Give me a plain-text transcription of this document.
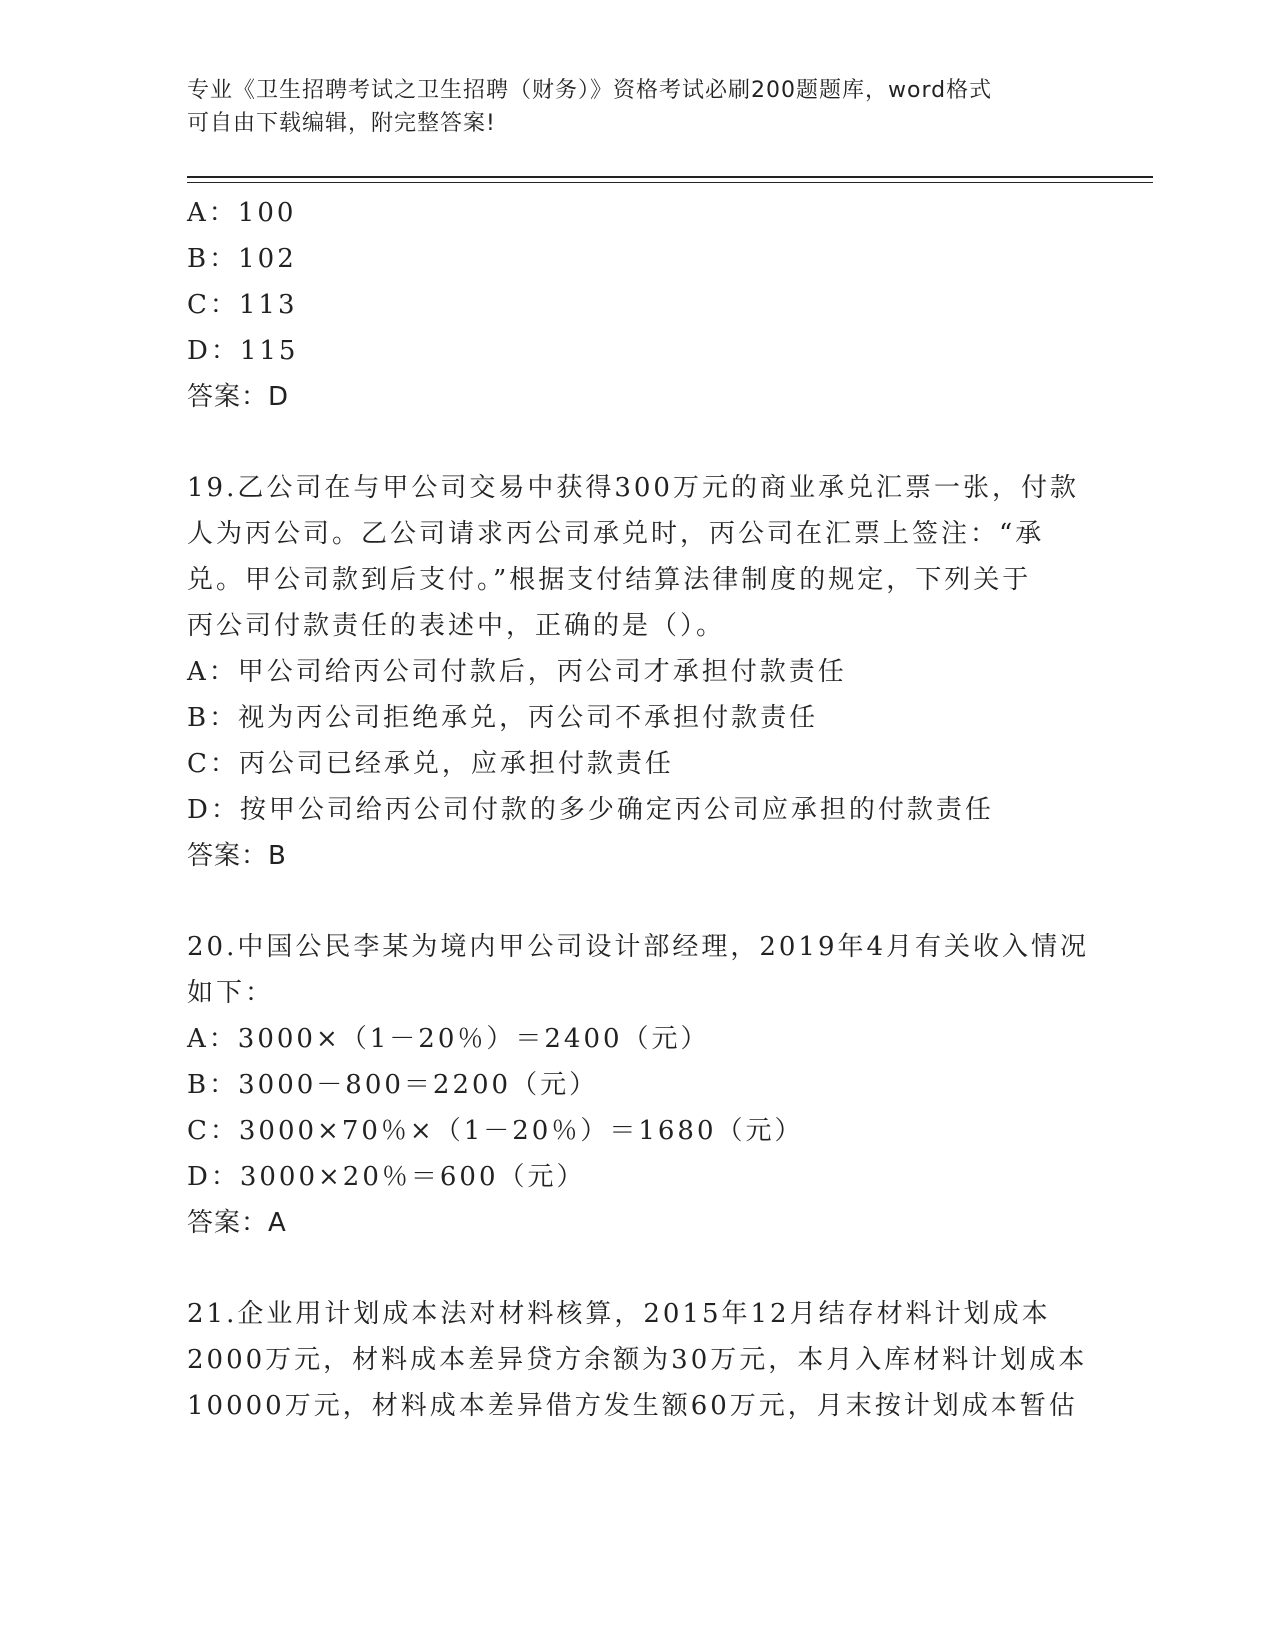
专业《卫生招聘考试之卫生招聘（财务）》资格考试必刷200题题库，word格式
可自由下载编辑，附完整答案!
A：100
B：102
C：113
D：115
答案：D
19.乙公司在与甲公司交易中获得300万元的商业承兑汇票一张，付款
人为丙公司。乙公司请求丙公司承兑时，丙公司在汇票上签注：“承
兑。甲公司款到后支付。”根据支付结算法律制度的规定，下列关于
丙公司付款责任的表述中，正确的是（）。
A：甲公司给丙公司付款后，丙公司才承担付款责任
B：视为丙公司拒绝承兑，丙公司不承担付款责任
C：丙公司已经承兑，应承担付款责任
D：按甲公司给丙公司付款的多少确定丙公司应承担的付款责任
答案：B
20.中国公民李某为境内甲公司设计部经理，2019年4月有关收入情况
如下：
A：3000×（1－20％）＝2400（元）
B：3000－800＝2200（元）
C：3000×70％×（1－20％）＝1680（元）
D：3000×20％＝600（元）
答案：A
21.企业用计划成本法对材料核算，2015年12月结存材料计划成本
2000万元，材料成本差异贷方余额为30万元，本月入库材料计划成本
10000万元，材料成本差异借方发生额60万元，月末按计划成本暂估
